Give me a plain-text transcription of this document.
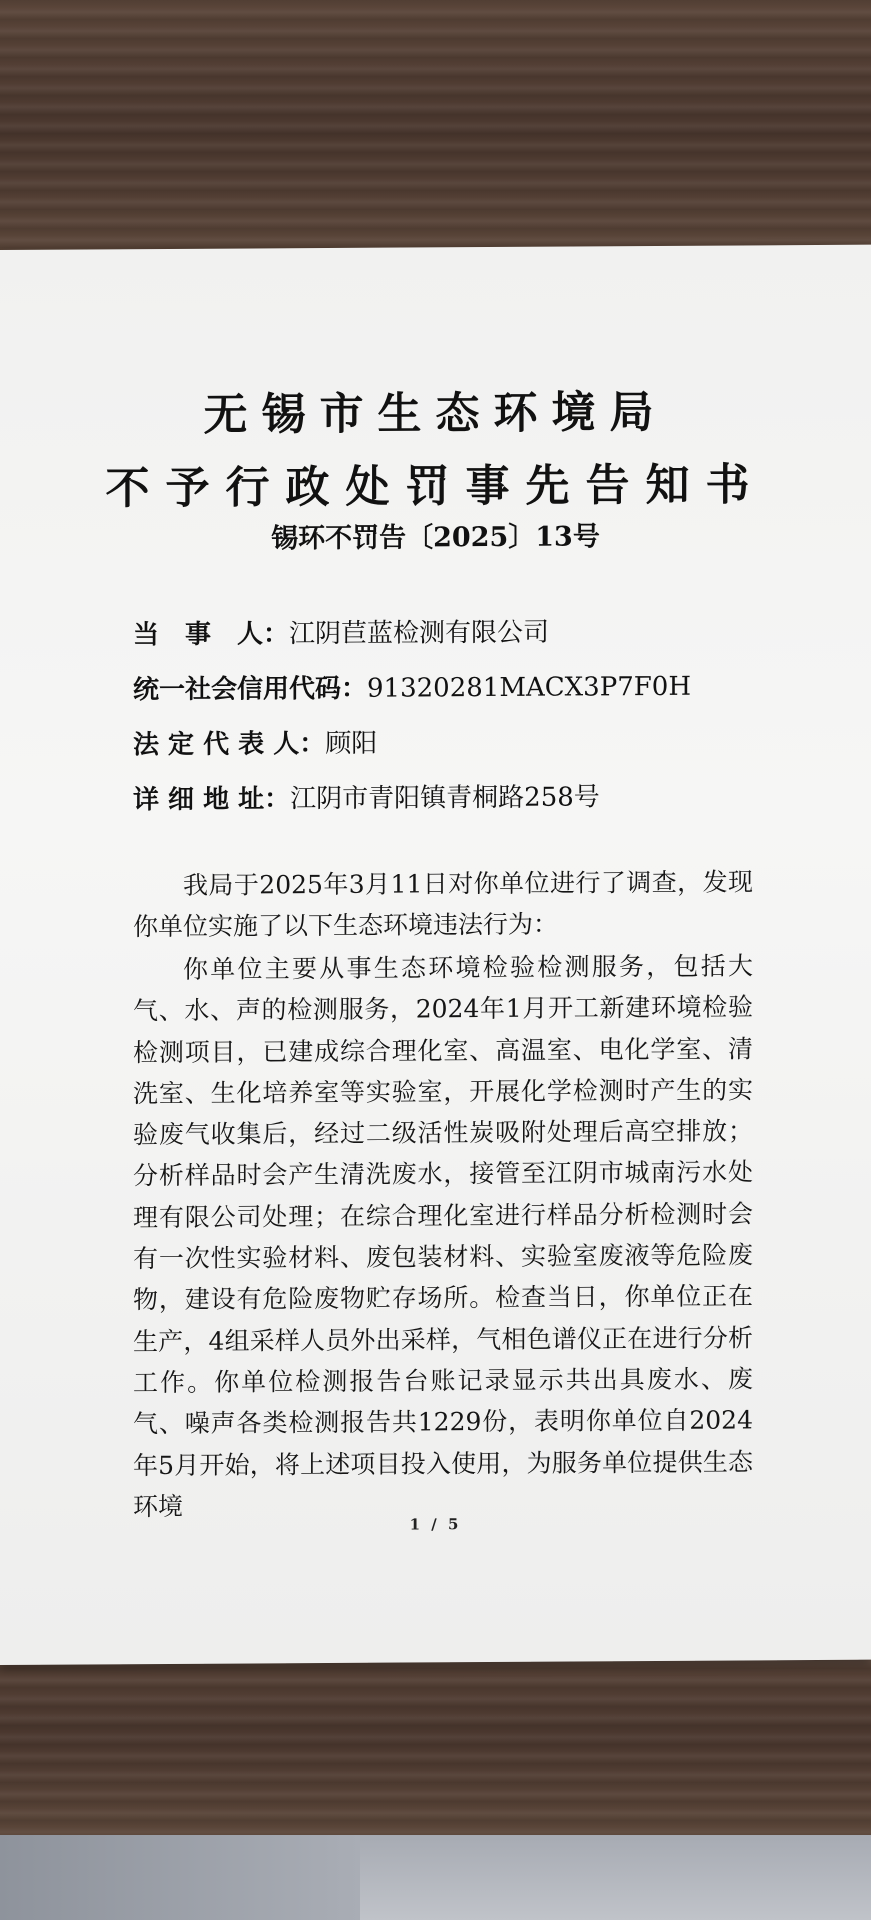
无锡市生态环境局
不予行政处罚事先告知书
锡环不罚告〔2025〕13号
当　事　人：江阴苣蓝检测有限公司
统一社会信用代码：91320281MACX3P7F0H
法 定 代 表 人：顾阳
详 细 地 址：江阴市青阳镇青桐路258号
我局于2025年3月11日对你单位进行了调查，发现你单位实施了以下生态环境违法行为：
你单位主要从事生态环境检验检测服务，包括大气、水、声的检测服务，2024年1月开工新建环境检验检测项目，已建成综合理化室、高温室、电化学室、清洗室、生化培养室等实验室，开展化学检测时产生的实验废气收集后，经过二级活性炭吸附处理后高空排放；分析样品时会产生清洗废水，接管至江阴市城南污水处理有限公司处理；在综合理化室进行样品分析检测时会有一次性实验材料、废包装材料、实验室废液等危险废物，建设有危险废物贮存场所。检查当日，你单位正在生产，4组采样人员外出采样，气相色谱仪正在进行分析工作。你单位检测报告台账记录显示共出具废水、废气、噪声各类检测报告共1229份，表明你单位自2024年5月开始，将上述项目投入使用，为服务单位提供生态环境
1 / 5
